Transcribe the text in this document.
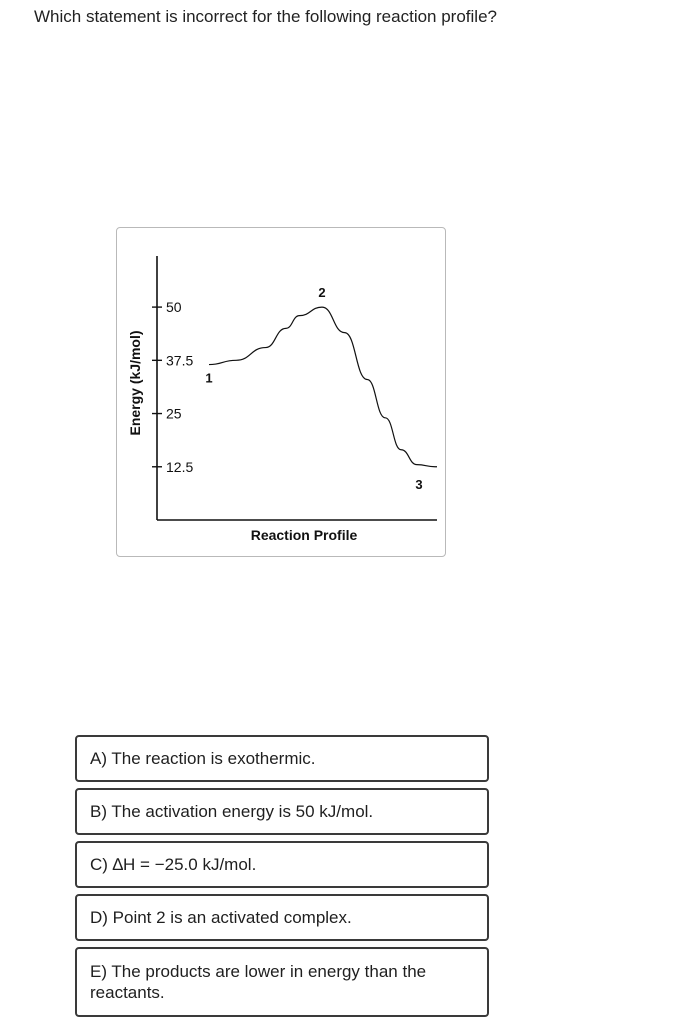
Which statement is incorrect for the following reaction profile?
50
37.5
25
12.5
1
2
3
Reaction Profile
Energy (kJ/mol)
A) The reaction is exothermic.
B) The activation energy is 50 kJ/mol.
C) ∆H = −25.0 kJ/mol.
D) Point 2 is an activated complex.
E) The products are lower in energy than the reactants.
